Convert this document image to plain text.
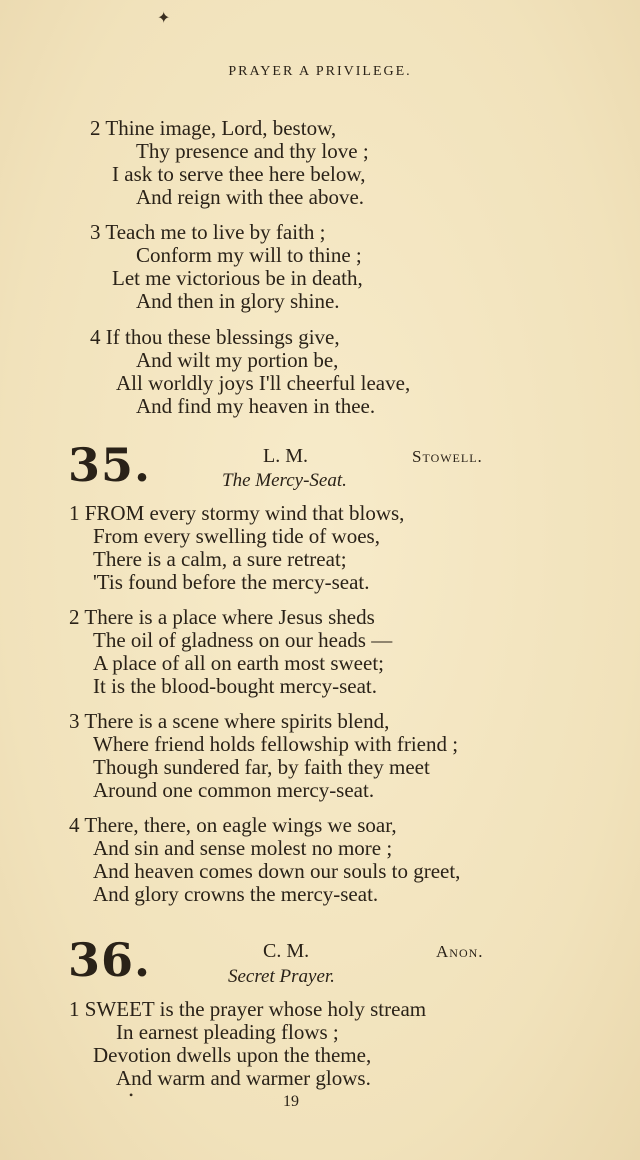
✦
PRAYER A PRIVILEGE.
2 Thine image, Lord, bestow,
Thy presence and thy love ;
I ask to serve thee here below,
And reign with thee above.
3 Teach me to live by faith ;
Conform my will to thine ;
Let me victorious be in death,
And then in glory shine.
4 If thou these blessings give,
And wilt my portion be,
All worldly joys I'll cheerful leave,
And find my heaven in thee.
35.	L. M.	Stowell.
The Mercy-Seat.
1 FROM every stormy wind that blows,
From every swelling tide of woes,
There is a calm, a sure retreat;
'Tis found before the mercy-seat.
2 There is a place where Jesus sheds
The oil of gladness on our heads —
A place of all on earth most sweet;
It is the blood-bought mercy-seat.
3 There is a scene where spirits blend,
Where friend holds fellowship with friend ;
Though sundered far, by faith they meet
Around one common mercy-seat.
4 There, there, on eagle wings we soar,
And sin and sense molest no more ;
And heaven comes down our souls to greet,
And glory crowns the mercy-seat.
36.	C. M.	Anon.
Secret Prayer.
1 SWEET is the prayer whose holy stream
In earnest pleading flows ;
Devotion dwells upon the theme,
And warm and warmer glows.
•	19
